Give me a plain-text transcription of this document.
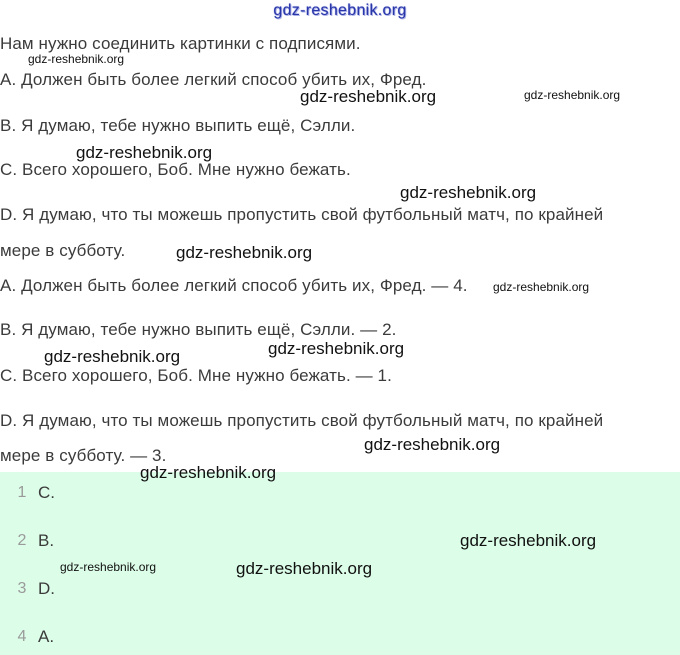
gdz-reshebnik.org
Нам нужно соединить картинки с подписями.
A. Должен быть более легкий способ убить их, Фред.
B. Я думаю, тебе нужно выпить ещё, Сэлли.
C. Всего хорошего, Боб. Мне нужно бежать.
D. Я думаю, что ты можешь пропустить свой футбольный матч, по крайней
мере в субботу.
A. Должен быть более легкий способ убить их, Фред. — 4.
B. Я думаю, тебе нужно выпить ещё, Сэлли. — 2.
C. Всего хорошего, Боб. Мне нужно бежать. — 1.
D. Я думаю, что ты можешь пропустить свой футбольный матч, по крайней
мере в субботу. — 3.
1 C.
2 B.
3 D.
4 A.
gdz-reshebnik.org
gdz-reshebnik.org	gdz-reshebnik.org
gdz-reshebnik.org
gdz-reshebnik.org
gdz-reshebnik.org
gdz-reshebnik.org
gdz-reshebnik.org
gdz-reshebnik.org
gdz-reshebnik.org
gdz-reshebnik.org
gdz-reshebnik.org
gdz-reshebnik.org	gdz-reshebnik.org
